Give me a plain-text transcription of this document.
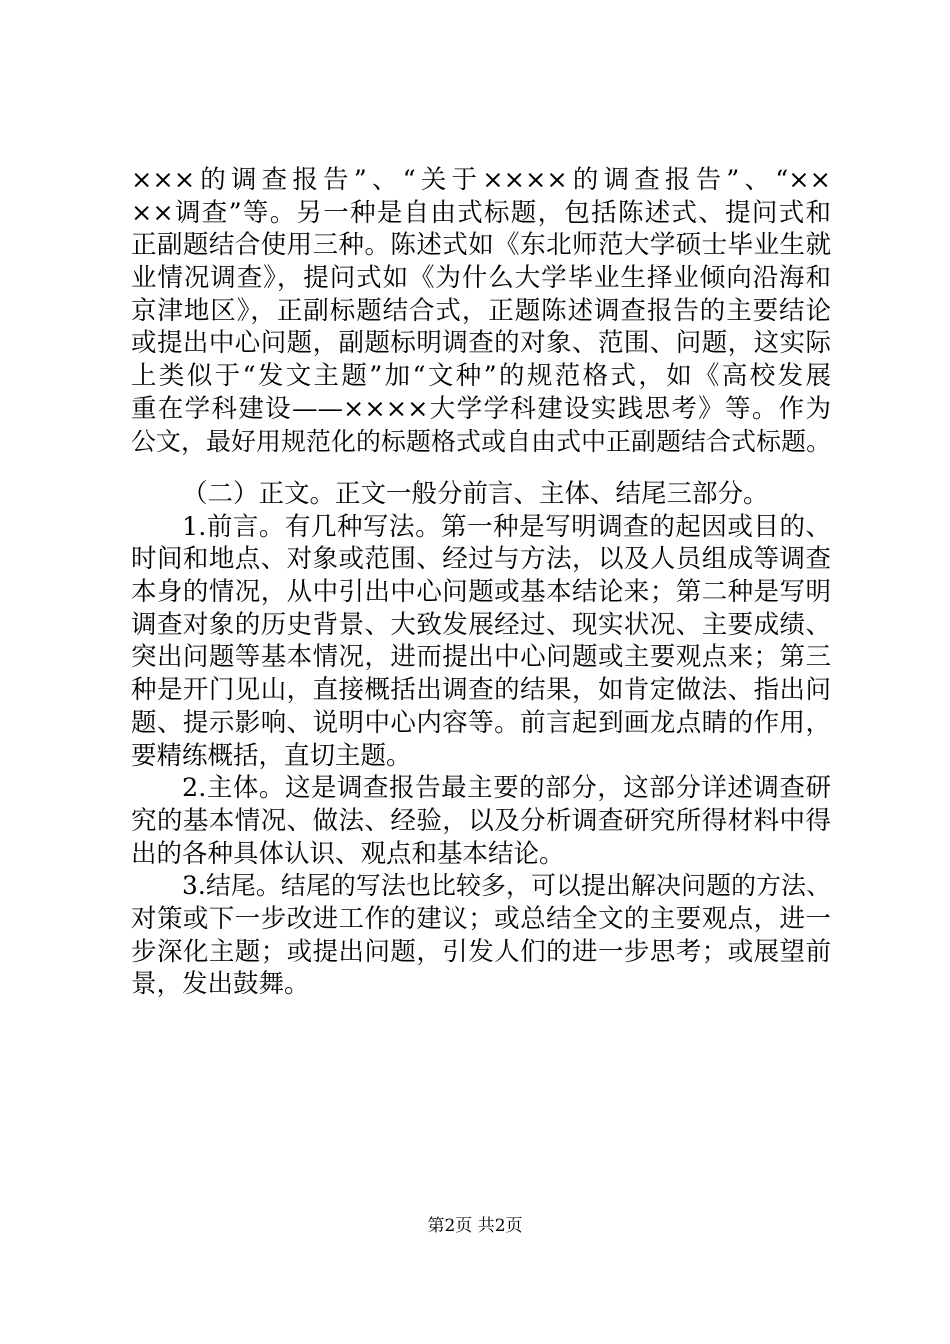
×××的调查报告”、“关于××××的调查报告”、“××
××调查”等。另一种是自由式标题，包括陈述式、提问式和
正副题结合使用三种。陈述式如《东北师范大学硕士毕业生就
业情况调查》，提问式如《为什么大学毕业生择业倾向沿海和
京津地区》，正副标题结合式，正题陈述调查报告的主要结论
或提出中心问题，副题标明调查的对象、范围、问题，这实际
上类似于“发文主题”加“文种”的规范格式，如《高校发展
重在学科建设——××××大学学科建设实践思考》等。作为
公文，最好用规范化的标题格式或自由式中正副题结合式标题。
（二）正文。正文一般分前言、主体、结尾三部分。
1.前言。有几种写法。第一种是写明调查的起因或目的、
时间和地点、对象或范围、经过与方法，以及人员组成等调查
本身的情况，从中引出中心问题或基本结论来；第二种是写明
调查对象的历史背景、大致发展经过、现实状况、主要成绩、
突出问题等基本情况，进而提出中心问题或主要观点来；第三
种是开门见山，直接概括出调查的结果，如肯定做法、指出问
题、提示影响、说明中心内容等。前言起到画龙点睛的作用，
要精练概括，直切主题。
2.主体。这是调查报告最主要的部分，这部分详述调查研
究的基本情况、做法、经验，以及分析调查研究所得材料中得
出的各种具体认识、观点和基本结论。
3.结尾。结尾的写法也比较多，可以提出解决问题的方法、
对策或下一步改进工作的建议；或总结全文的主要观点，进一
步深化主题；或提出问题，引发人们的进一步思考；或展望前
景，发出鼓舞。
第2页 共2页
